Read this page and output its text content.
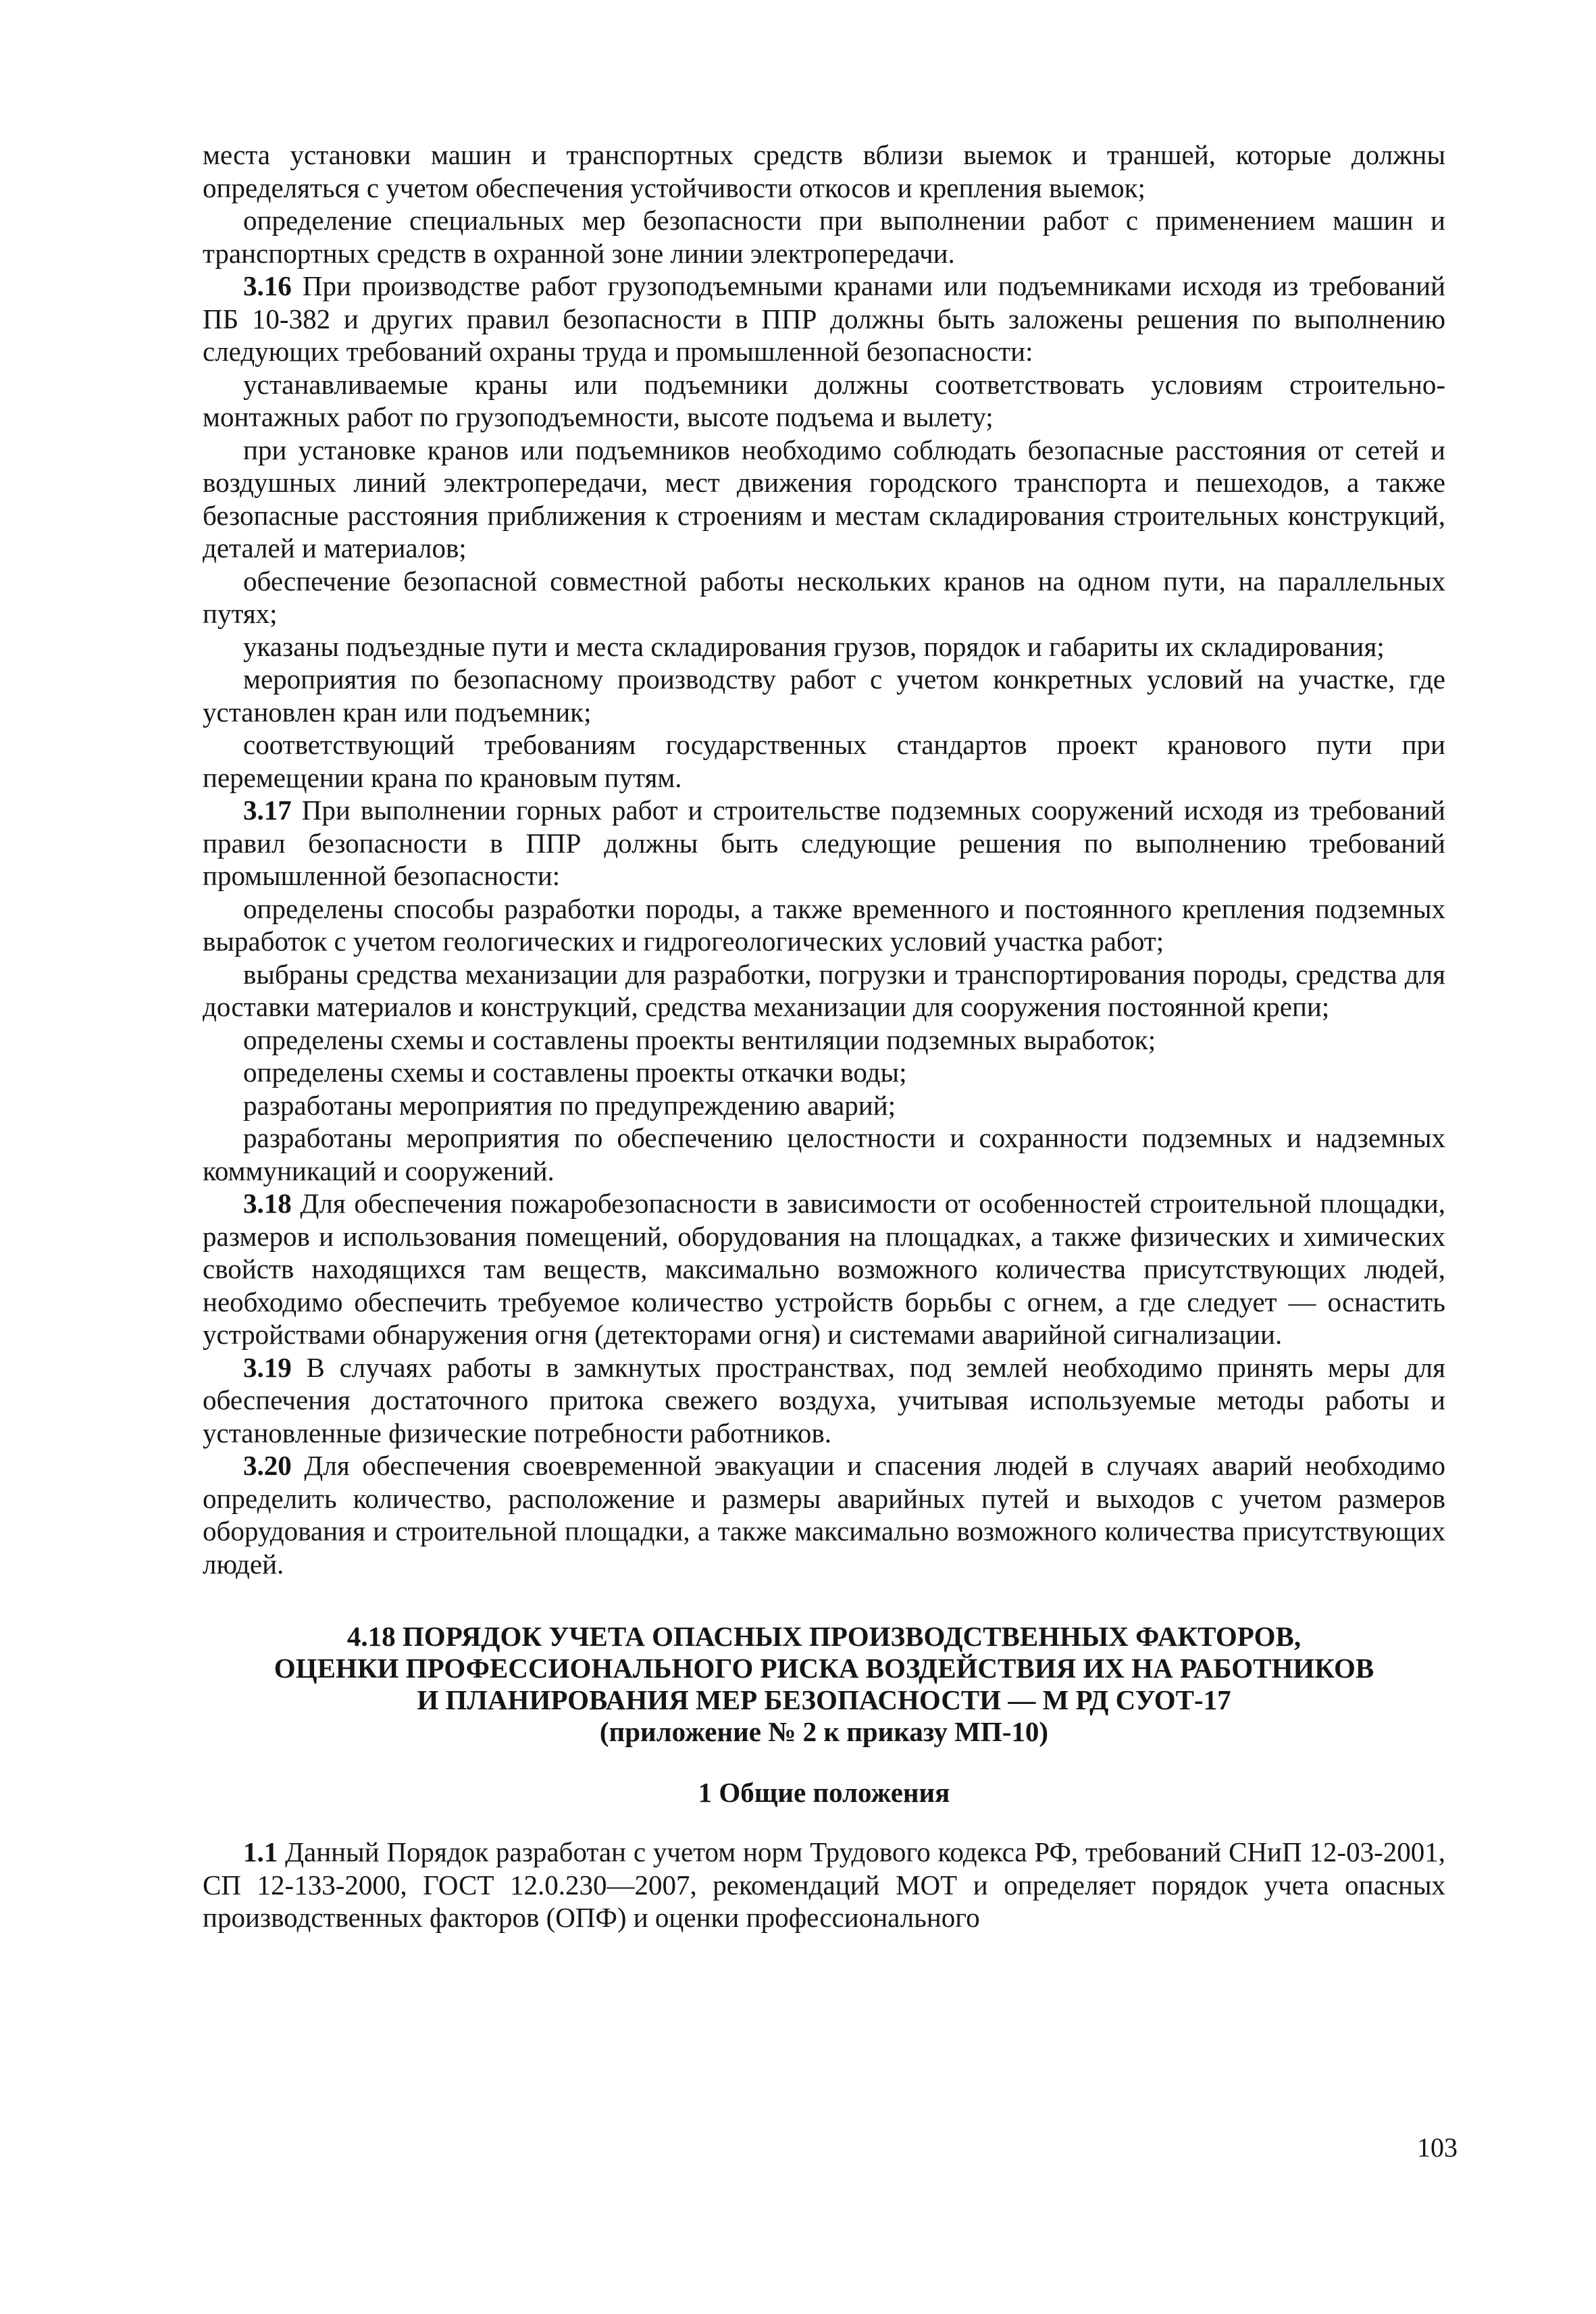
места установки машин и транспортных средств вблизи выемок и траншей, которые должны определяться с учетом обеспечения устойчивости откосов и крепления выемок;

определение специальных мер безопасности при выполнении работ с применением машин и транспортных средств в охранной зоне линии электропередачи.

3.16 При производстве работ грузоподъемными кранами или подъемниками исходя из требований ПБ 10-382 и других правил безопасности в ППР должны быть заложены решения по выполнению следующих требований охраны труда и промышленной безопасности:

устанавливаемые краны или подъемники должны соответствовать условиям строительно-монтажных работ по грузоподъемности, высоте подъема и вылету;

при установке кранов или подъемников необходимо соблюдать безопасные расстояния от сетей и воздушных линий электропередачи, мест движения городского транспорта и пешеходов, а также безопасные расстояния приближения к строениям и местам складирования строительных конструкций, деталей и материалов;

обеспечение безопасной совместной работы нескольких кранов на одном пути, на параллельных путях;

указаны подъездные пути и места складирования грузов, порядок и габариты их складирования;

мероприятия по безопасному производству работ с учетом конкретных условий на участке, где установлен кран или подъемник;

соответствующий требованиям государственных стандартов проект кранового пути при перемещении крана по крановым путям.

3.17 При выполнении горных работ и строительстве подземных сооружений исходя из требований правил безопасности в ППР должны быть следующие решения по выполнению требований промышленной безопасности:

определены способы разработки породы, а также временного и постоянного крепления подземных выработок с учетом геологических и гидрогеологических условий участка работ;

выбраны средства механизации для разработки, погрузки и транспортирования породы, средства для доставки материалов и конструкций, средства механизации для сооружения постоянной крепи;

определены схемы и составлены проекты вентиляции подземных выработок;

определены схемы и составлены проекты откачки воды;

разработаны мероприятия по предупреждению аварий;

разработаны мероприятия по обеспечению целостности и сохранности подземных и надземных коммуникаций и сооружений.

3.18 Для обеспечения пожаробезопасности в зависимости от особенностей строительной площадки, размеров и использования помещений, оборудования на площадках, а также физических и химических свойств находящихся там веществ, максимально возможного количества присутствующих людей, необходимо обеспечить требуемое количество устройств борьбы с огнем, а где следует — оснастить устройствами обнаружения огня (детекторами огня) и системами аварийной сигнализации.

3.19 В случаях работы в замкнутых пространствах, под землей необходимо принять меры для обеспечения достаточного притока свежего воздуха, учитывая используемые методы работы и установленные физические потребности работников.

3.20 Для обеспечения своевременной эвакуации и спасения людей в случаях аварий необходимо определить количество, расположение и размеры аварийных путей и выходов с учетом размеров оборудования и строительной площадки, а также максимально возможного количества присутствующих людей.

4.18 ПОРЯДОК УЧЕТА ОПАСНЫХ ПРОИЗВОДСТВЕННЫХ ФАКТОРОВ,
ОЦЕНКИ ПРОФЕССИОНАЛЬНОГО РИСКА ВОЗДЕЙСТВИЯ ИХ НА РАБОТНИКОВ
И ПЛАНИРОВАНИЯ МЕР БЕЗОПАСНОСТИ — М РД СУОТ-17
(приложение № 2 к приказу МП-10)
1 Общие положения

1.1 Данный Порядок разработан с учетом норм Трудового кодекса РФ, требований СНиП 12-03-2001, СП 12-133-2000, ГОСТ 12.0.230—2007, рекомендаций МОТ и определяет порядок учета опасных производственных факторов (ОПФ) и оценки профессионального

103
